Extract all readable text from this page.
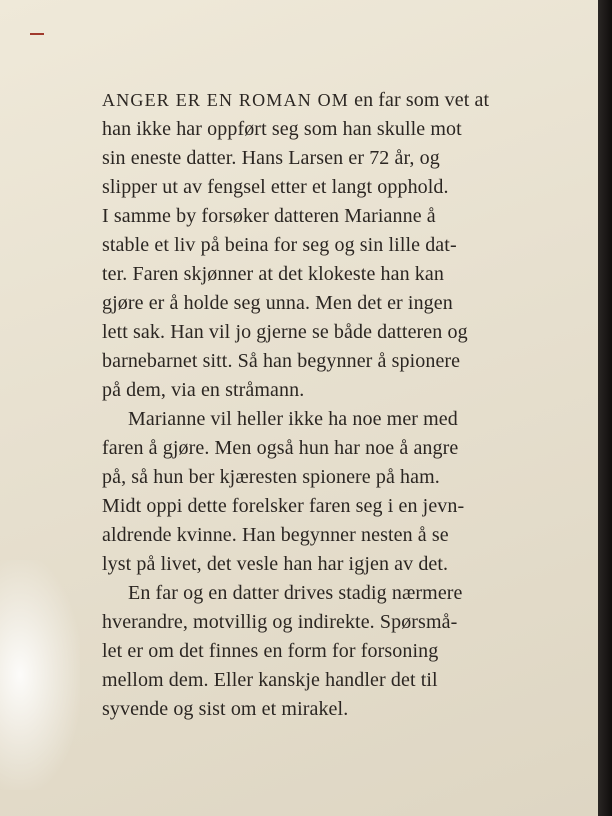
ANGER ER EN ROMAN OM en far som vet at
han ikke har oppført seg som han skulle mot
sin eneste datter. Hans Larsen er 72 år, og
slipper ut av fengsel etter et langt opphold.
I samme by forsøker datteren Marianne å
stable et liv på beina for seg og sin lille dat-
ter. Faren skjønner at det klokeste han kan
gjøre er å holde seg unna. Men det er ingen
lett sak. Han vil jo gjerne se både datteren og
barnebarnet sitt. Så han begynner å spionere
på dem, via en stråmann.
Marianne vil heller ikke ha noe mer med
faren å gjøre. Men også hun har noe å angre
på, så hun ber kjæresten spionere på ham.
Midt oppi dette forelsker faren seg i en jevn-
aldrende kvinne. Han begynner nesten å se
lyst på livet, det vesle han har igjen av det.
En far og en datter drives stadig nærmere
hverandre, motvillig og indirekte. Spørsmå-
let er om det finnes en form for forsoning
mellom dem. Eller kanskje handler det til
syvende og sist om et mirakel.
